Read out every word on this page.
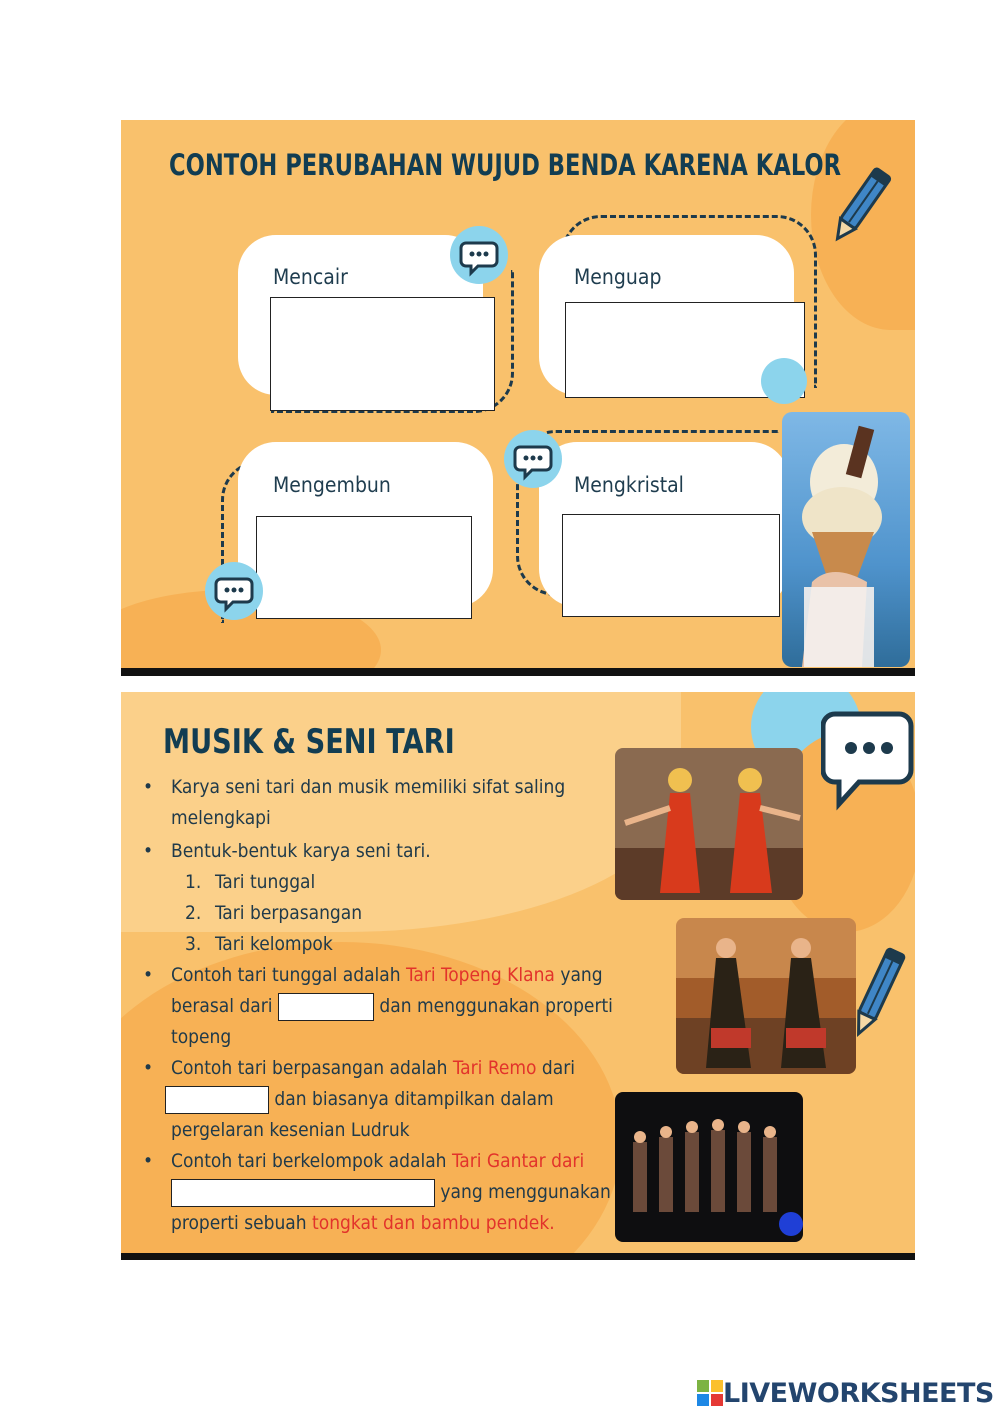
CONTOH PERUBAHAN WUJUD BENDA KARENA KALOR
Mencair	Menguap
Mengembun	Mengkristal
MUSIK & SENI TARI

• Karya seni tari dan musik memiliki sifat saling melengkapi

• Bentuk-bentuk karya seni tari.

1. Tari tunggal

2. Tari berpasangan

3. Tari kelompok

• Contoh tari tunggal adalah Tari Topeng Klana yang berasal dari	dan menggunakan properti topeng

• Contoh tari berpasangan adalah Tari Remo dari
dan biasanya ditampilkan dalam pergelaran kesenian Ludruk

• Contoh tari berkelompok adalah Tari Gantar dari
yang menggunakan properti sebuah tongkat dan bambu pendek.

LIVEWORKSHEETS
